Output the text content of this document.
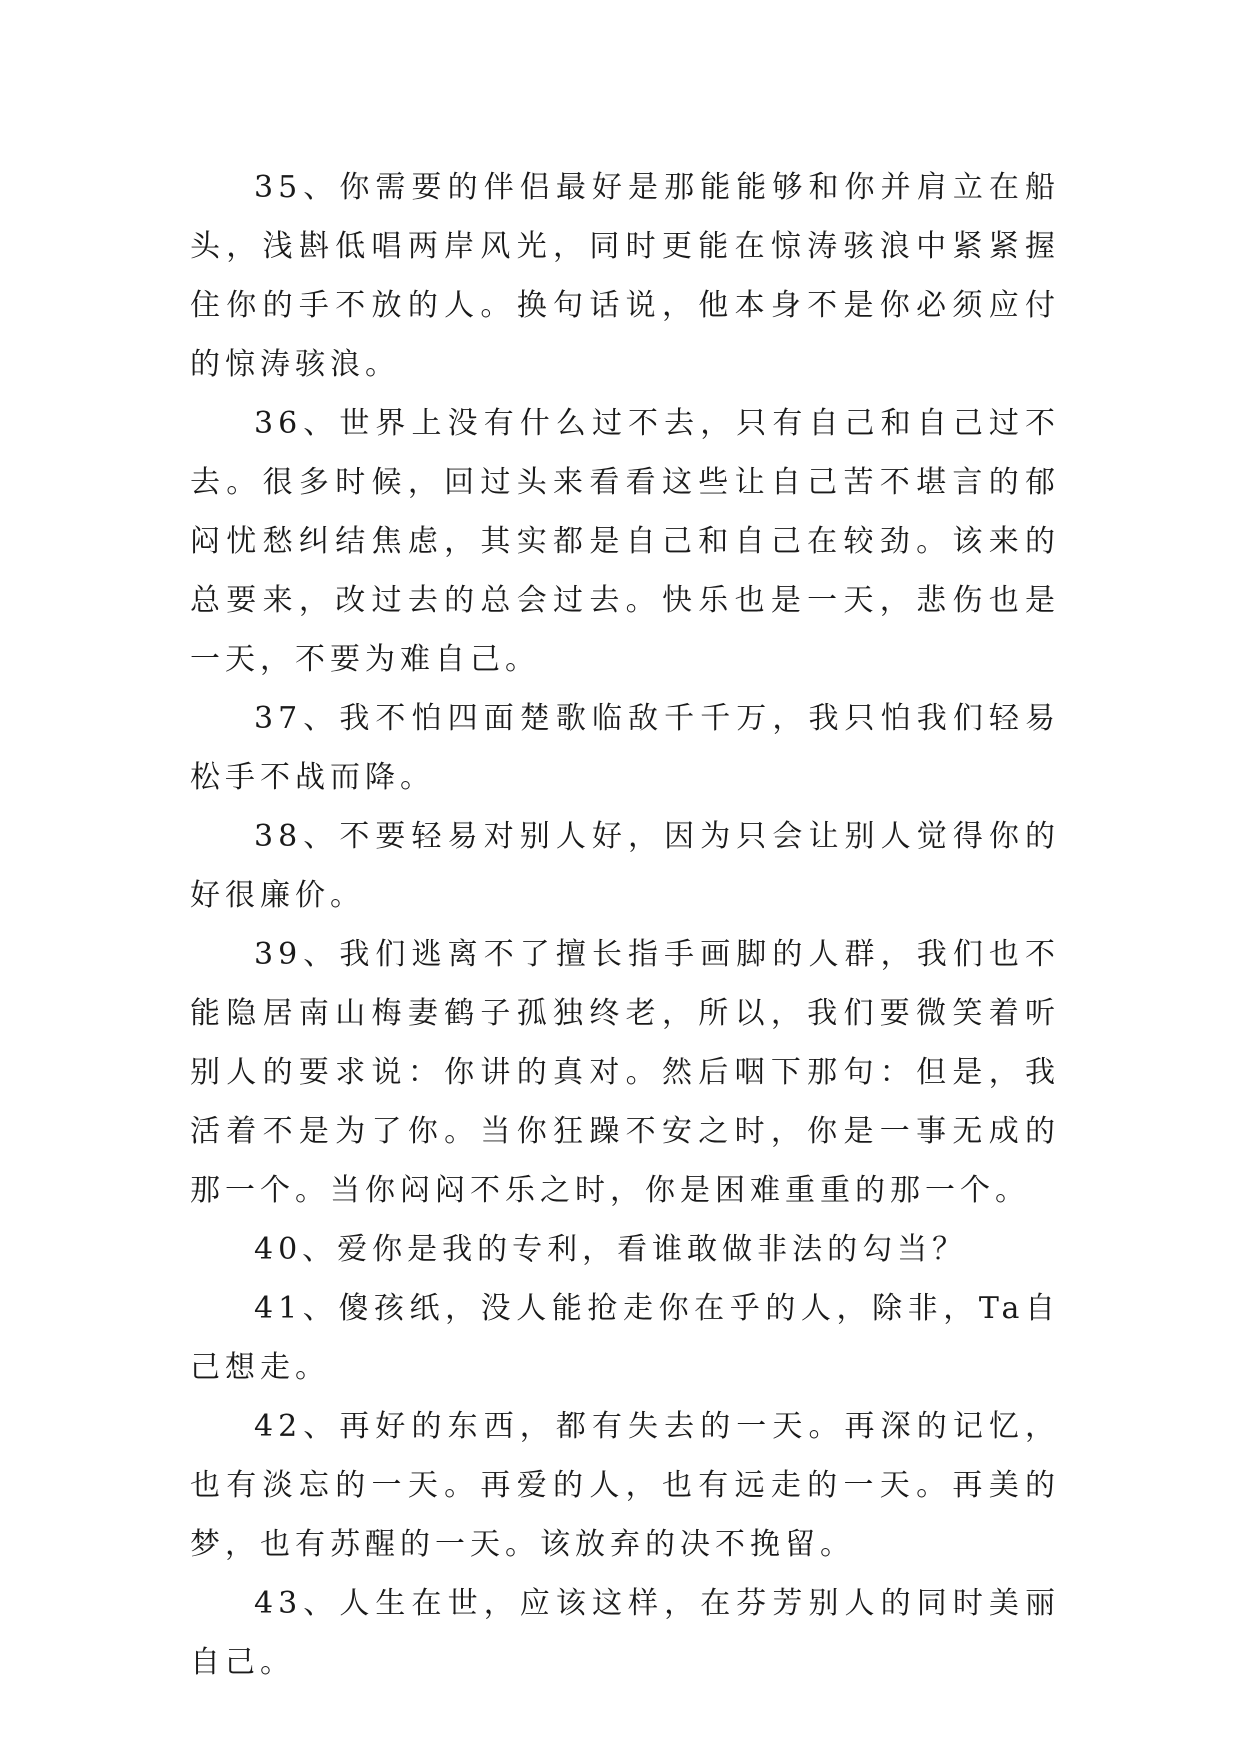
35、你需要的伴侣最好是那能能够和你并肩立在船头，浅斟低唱两岸风光，同时更能在惊涛骇浪中紧紧握住你的手不放的人。换句话说，他本身不是你必须应付的惊涛骇浪。

36、世界上没有什么过不去，只有自己和自己过不去。很多时候，回过头来看看这些让自己苦不堪言的郁闷忧愁纠结焦虑，其实都是自己和自己在较劲。该来的总要来，改过去的总会过去。快乐也是一天，悲伤也是一天，不要为难自己。

37、我不怕四面楚歌临敌千千万，我只怕我们轻易松手不战而降。

38、不要轻易对别人好，因为只会让别人觉得你的好很廉价。

39、我们逃离不了擅长指手画脚的人群，我们也不能隐居南山梅妻鹤子孤独终老，所以，我们要微笑着听别人的要求说：你讲的真对。然后咽下那句：但是，我活着不是为了你。当你狂躁不安之时，你是一事无成的那一个。当你闷闷不乐之时，你是困难重重的那一个。

40、爱你是我的专利，看谁敢做非法的勾当？

41、傻孩纸，没人能抢走你在乎的人，除非，Ta自己想走。

42、再好的东西，都有失去的一天。再深的记忆，也有淡忘的一天。再爱的人，也有远走的一天。再美的梦，也有苏醒的一天。该放弃的决不挽留。

43、人生在世，应该这样，在芬芳别人的同时美丽自己。
